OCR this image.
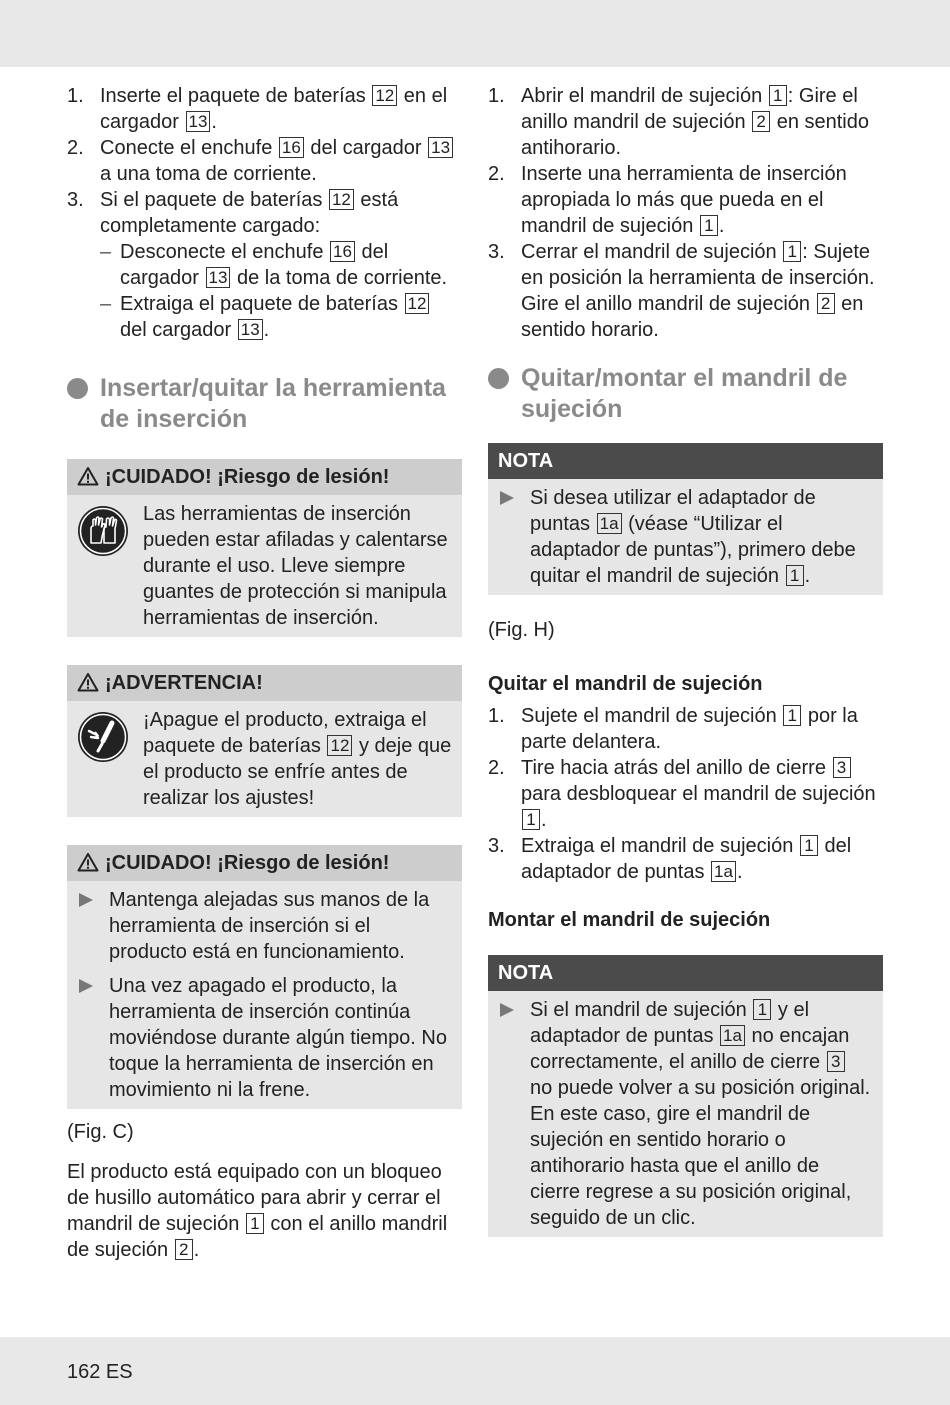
1. Inserte el paquete de baterías 12 en el cargador 13 .
2. Conecte el enchufe 16 del cargador 13 a una toma de corriente.
3. Si el paquete de baterías 12 está completamente cargado:
– Desconecte el enchufe 16 del cargador 13 de la toma de corriente.
– Extraiga el paquete de baterías 12 del cargador 13 .
Insertar/quitar la herramienta de inserción
¡CUIDADO! ¡Riesgo de lesión!
Las herramientas de inserción pueden estar afiladas y calentarse durante el uso. Lleve siempre guantes de protección si manipula herramientas de inserción.
¡ADVERTENCIA!
¡Apague el producto, extraiga el paquete de baterías 12 y deje que el producto se enfríe antes de realizar los ajustes!
¡CUIDADO! ¡Riesgo de lesión!
Mantenga alejadas sus manos de la herramienta de inserción si el producto está en funcionamiento.
Una vez apagado el producto, la herramienta de inserción continúa moviéndose durante algún tiempo. No toque la herramienta de inserción en movimiento ni la frene.

(Fig. C)

El producto está equipado con un bloqueo de husillo automático para abrir y cerrar el mandril de sujeción 1 con el anillo mandril de sujeción 2 .

1. Abrir el mandril de sujeción 1 : Gire el anillo mandril de sujeción 2 en sentido antihorario.
2. Inserte una herramienta de inserción apropiada lo más que pueda en el mandril de sujeción 1 .
3. Cerrar el mandril de sujeción 1 : Sujete en posición la herramienta de inserción. Gire el anillo mandril de sujeción 2 en sentido horario.
Quitar/montar el mandril de sujeción
NOTA
Si desea utilizar el adaptador de puntas 1a (véase “Utilizar el adaptador de puntas”), primero debe quitar el mandril de sujeción 1 .

(Fig. H)

Quitar el mandril de sujeción

1. Sujete el mandril de sujeción 1 por la parte delantera.
2. Tire hacia atrás del anillo de cierre 3 para desbloquear el mandril de sujeción 1 .
3. Extraiga el mandril de sujeción 1 del adaptador de puntas 1a .

Montar el mandril de sujeción

NOTA
Si el mandril de sujeción 1 y el adaptador de puntas 1a no encajan correctamente, el anillo de cierre 3 no puede volver a su posición original. En este caso, gire el mandril de sujeción en sentido horario o antihorario hasta que el anillo de cierre regrese a su posición original, seguido de un clic.
162 ES
